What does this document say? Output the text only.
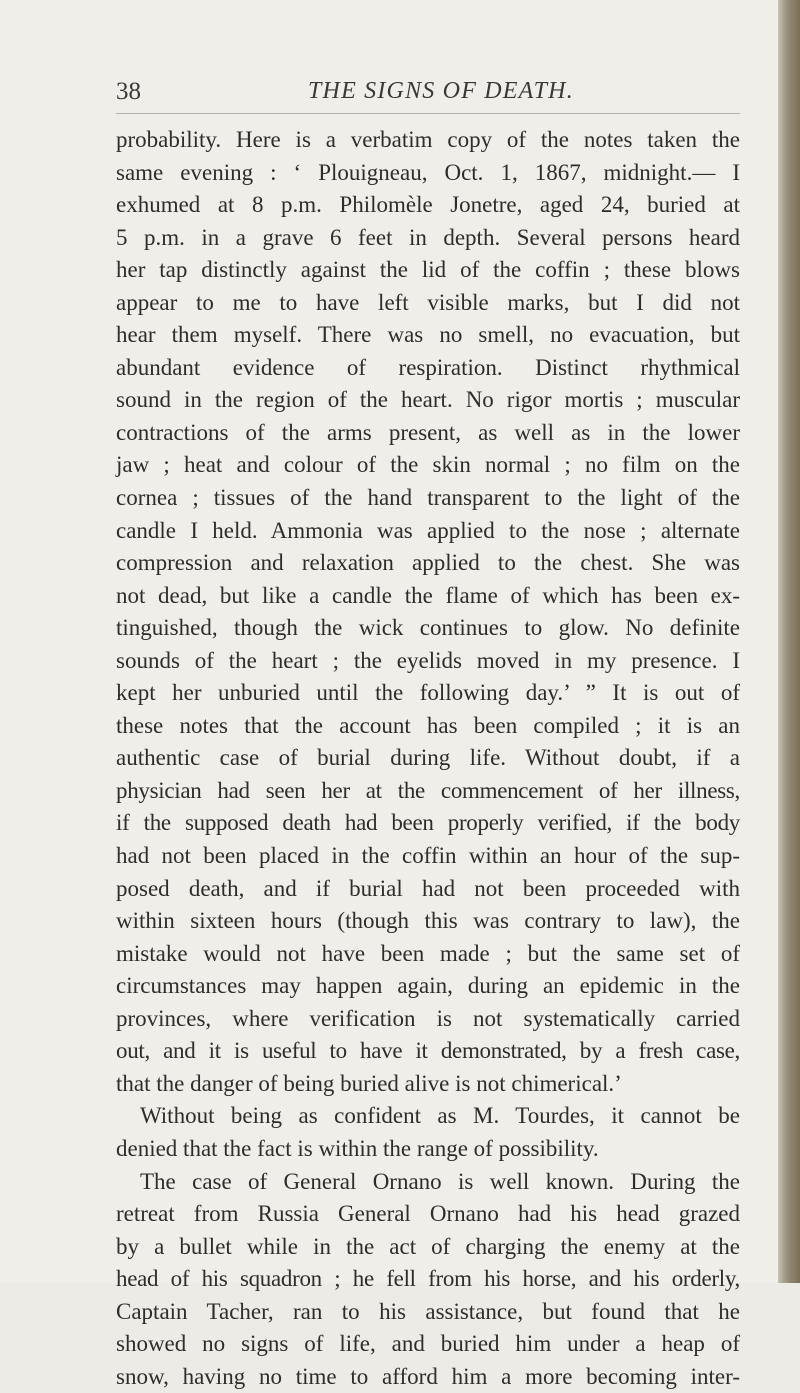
38	THE SIGNS OF DEATH.
probability. Here is a verbatim copy of the notes taken the
same evening : ‘ Plouigneau, Oct. 1, 1867, midnight.— I
exhumed at 8 p.m. Philomèle Jonetre, aged 24, buried at
5 p.m. in a grave 6 feet in depth. Several persons heard
her tap distinctly against the lid of the coffin ; these blows
appear to me to have left visible marks, but I did not
hear them myself. There was no smell, no evacuation, but
abundant evidence of respiration. Distinct rhythmical
sound in the region of the heart. No rigor mortis ; muscular
contractions of the arms present, as well as in the lower
jaw ; heat and colour of the skin normal ; no film on the
cornea ; tissues of the hand transparent to the light of the
candle I held. Ammonia was applied to the nose ; alternate
compression and relaxation applied to the chest. She was
not dead, but like a candle the flame of which has been ex-
tinguished, though the wick continues to glow. No definite
sounds of the heart ; the eyelids moved in my presence. I
kept her unburied until the following day.’ ” It is out of
these notes that the account has been compiled ; it is an
authentic case of burial during life. Without doubt, if a
physician had seen her at the commencement of her illness,
if the supposed death had been properly verified, if the body
had not been placed in the coffin within an hour of the sup-
posed death, and if burial had not been proceeded with
within sixteen hours (though this was contrary to law), the
mistake would not have been made ; but the same set of
circumstances may happen again, during an epidemic in the
provinces, where verification is not systematically carried
out, and it is useful to have it demonstrated, by a fresh case,
that the danger of being buried alive is not chimerical.’
Without being as confident as M. Tourdes, it cannot be
denied that the fact is within the range of possibility.
The case of General Ornano is well known. During the
retreat from Russia General Ornano had his head grazed
by a bullet while in the act of charging the enemy at the
head of his squadron ; he fell from his horse, and his orderly,
Captain Tacher, ran to his assistance, but found that he
showed no signs of life, and buried him under a heap of
snow, having no time to afford him a more becoming inter-
